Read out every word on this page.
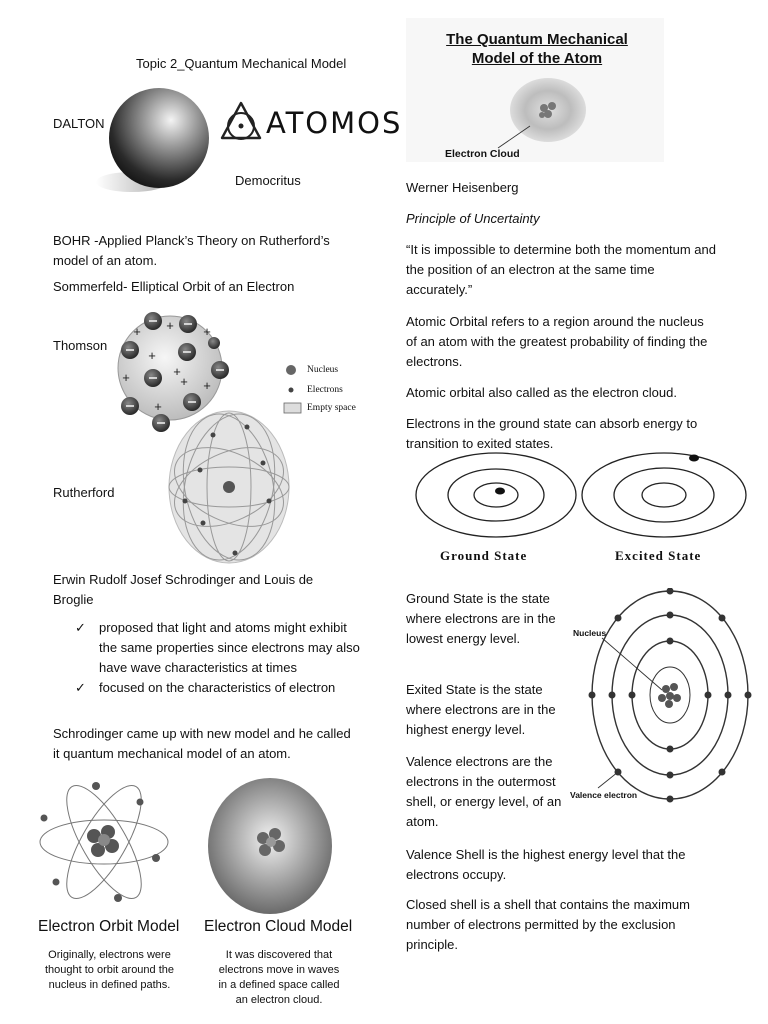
Topic 2_Quantum Mechanical Model
DALTON	ATOMOS
Democritus
BOHR -Applied Planck’s Theory on Rutherford’s model of an atom.
Sommerfeld- Elliptical Orbit of an Electron
Thomson
+
+	+
+
+
+	+ +
+
Nucleus
Electrons
Empty space
Rutherford
Erwin Rudolf Josef Schrodinger and Louis de Broglie
✓ proposed that light and atoms might exhibit the same properties since electrons may also have wave characteristics at times
✓ focused on the characteristics of electron
Schrodinger came up with new model and he called it quantum mechanical model of an atom.
Electron Orbit Model Electron Cloud Model
Originally, electrons were thought to orbit around the nucleus in defined paths.
It was discovered that electrons move in waves in a defined space called an electron cloud.
The Quantum Mechanical
Model of the Atom
Electron Cloud
Werner Heisenberg
Principle of Uncertainty
“It is impossible to determine both the momentum and the position of an electron at the same time accurately.”
Atomic Orbital refers to a region around the nucleus of an atom with the greatest probability of finding the electrons.
Atomic orbital also called as the electron cloud.
Electrons in the ground state can absorb energy to transition to exited states.
Ground State	Excited State
Ground State is the state where electrons are in the lowest energy level.
Exited State is the state where electrons are in the highest energy level.
Valence electrons are the electrons in the outermost shell, or energy level, of an atom.
Nucleus
Valence electron
Valence Shell is the highest energy level that the electrons occupy.
Closed shell is a shell that contains the maximum number of electrons permitted by the exclusion principle.
